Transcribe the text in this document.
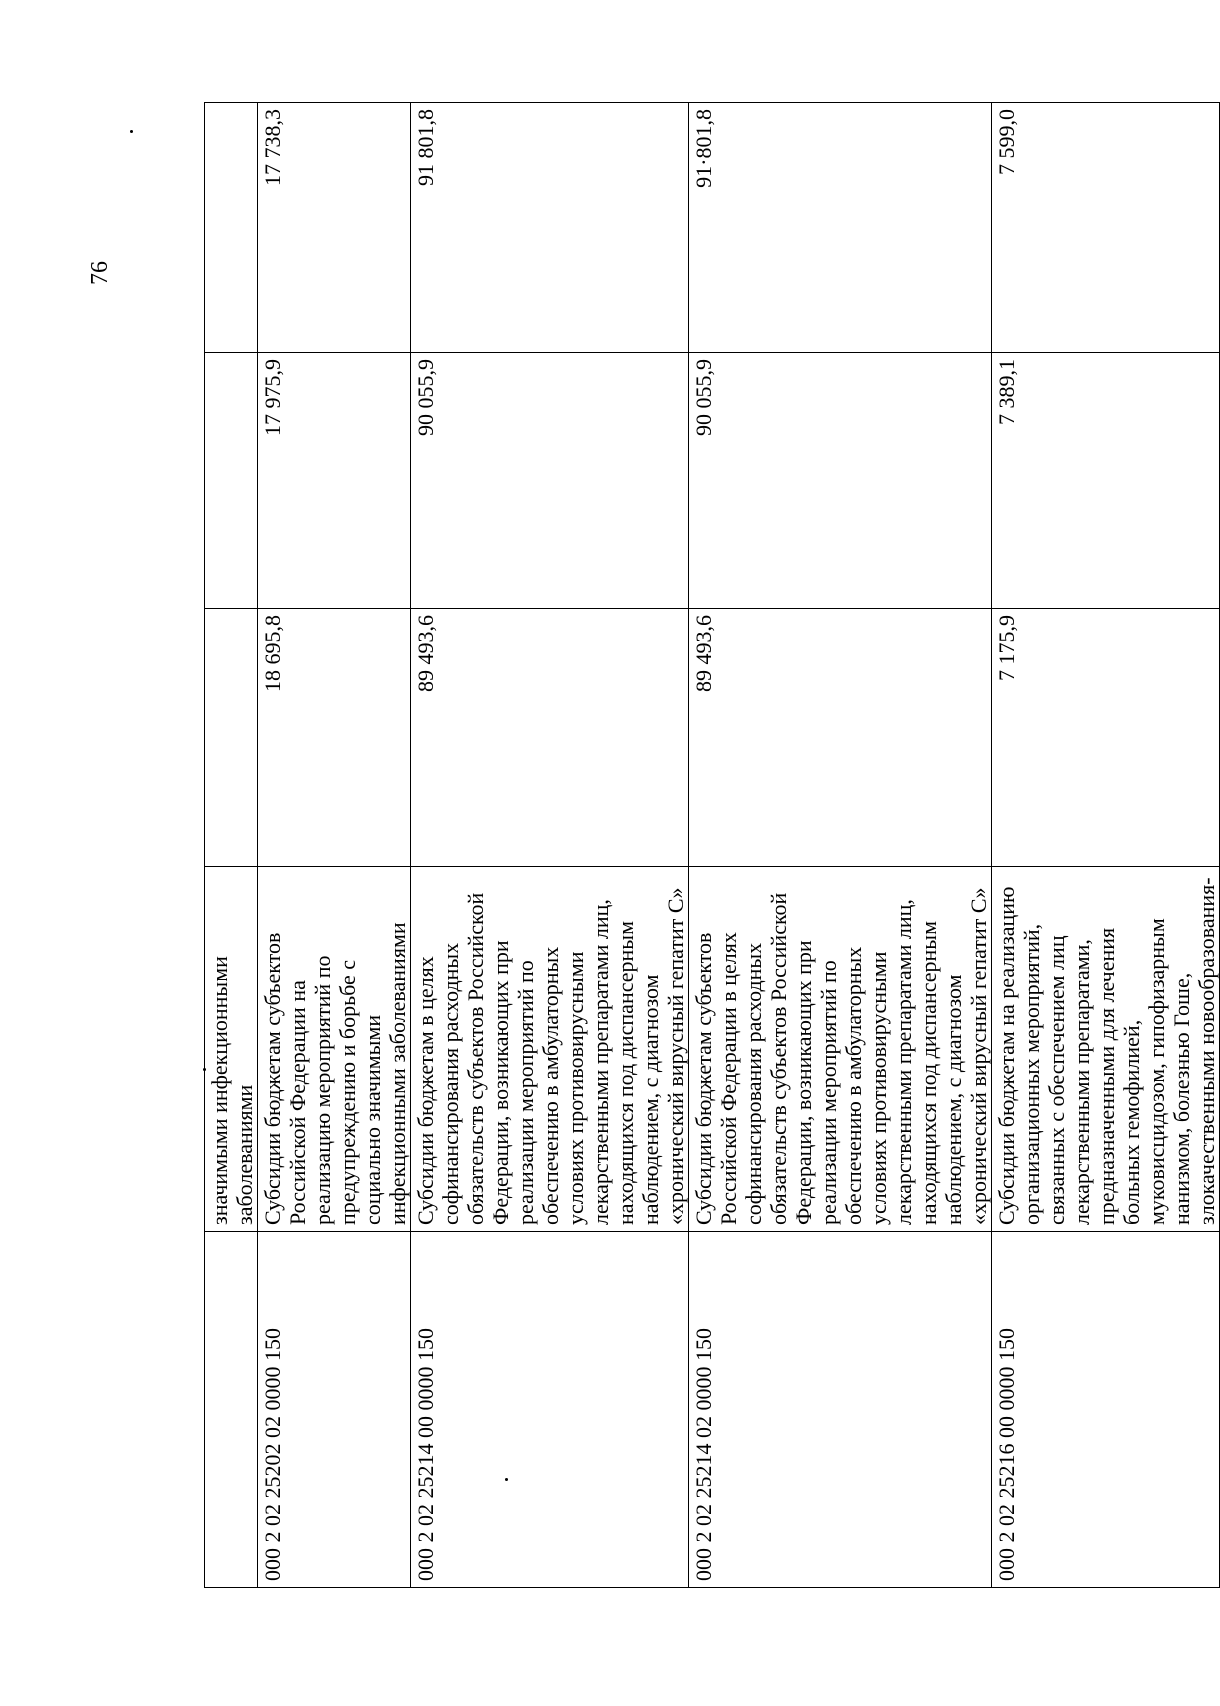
76

	значимыми инфекционными заболеваниями			

000 2 02 25202 02 0000 150	Субсидии бюджетам субъектов Российской Федерации на реализацию мероприятий по предупреждению и борьбе с социально значимыми инфекционными заболеваниями	18 695,8	17 975,9	17 738,3
000 2 02 25214 00 0000 150	Субсидии бюджетам в целях софинансирования расходных обязательств субъектов Российской Федерации, возникающих при реализации мероприятий по обеспечению в амбулаторных условиях противовирусными лекарственными препаратами лиц, находящихся под диспансерным наблюдением, с диагнозом «хронический вирусный гепатит С»	89 493,6	90 055,9	91 801,8
000 2 02 25214 02 0000 150	Субсидии бюджетам субъектов Российской Федерации в целях софинансирования расходных обязательств субъектов Российской Федерации, возникающих при реализации мероприятий по обеспечению в амбулаторных условиях противовирусными лекарственными препаратами лиц, находящихся под диспансерным наблюдением, с диагнозом «хронический вирусный гепатит С»	89 493,6	90 055,9	91·801,8
000 2 02 25216 00 0000 150	Субсидии бюджетам на реализацию организационных мероприятий, связанных с обеспечением лиц лекарственными препаратами, предназначенными для лечения больных гемофилией, муковисцидозом, гипофизарным нанизмом, болезнью Гоше, злокачественными новообразования-	7 175,9	7 389,1	7 599,0
